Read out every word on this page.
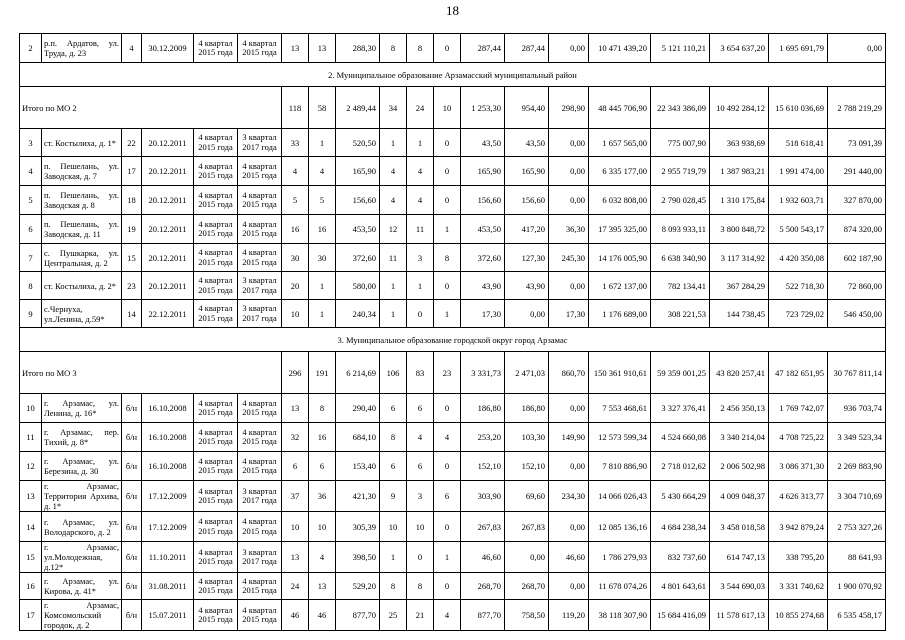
18
2	р.п. Ардатов, ул. Труда, д. 23	4	30.12.2009	4 квартал 2015 года	4 квартал 2015 года	13	13	288,30	8	8	0	287,44	287,44	0,00	10 471 439,20	5 121 110,21	3 654 637,20	1 695 691,79	0,00
2. Муниципальное образование Арзамасский муниципальный район																			
Итого по МО 2						118	58	2 489,44	34	24	10	1 253,30	954,40	298,90	48 445 706,90	22 343 386,09	10 492 284,12	15 610 036,69	2 788 219,29
3	ст. Костылиха, д. 1*	22	20.12.2011	4 квартал 2015 года	3 квартал 2017 года	33	1	520,50	1	1	0	43,50	43,50	0,00	1 657 565,00	775 007,90	363 938,69	518 618,41	73 091,39
4	п. Пешелань, ул. Заводская, д. 7	17	20.12.2011	4 квартал 2015 года	4 квартал 2015 года	4	4	165,90	4	4	0	165,90	165,90	0,00	6 335 177,00	2 955 719,79	1 387 983,21	1 991 474,00	291 440,00
5	п. Пешелань, ул. Заводская д. 8	18	20.12.2011	4 квартал 2015 года	4 квартал 2015 года	5	5	156,60	4	4	0	156,60	156,60	0,00	6 032 808,00	2 790 028,45	1 310 175,84	1 932 603,71	327 870,00
6	п. Пешелань, ул. Заводская, д. 11	19	20.12.2011	4 квартал 2015 года	4 квартал 2015 года	16	16	453,50	12	11	1	453,50	417,20	36,30	17 395 325,00	8 093 933,11	3 800 848,72	5 500 543,17	874 320,00
7	с. Пушкарка, ул. Центральная, д. 2	15	20.12.2011	4 квартал 2015 года	4 квартал 2015 года	30	30	372,60	11	3	8	372,60	127,30	245,30	14 176 005,90	6 638 340,90	3 117 314,92	4 420 350,08	602 187,90
8	ст. Костылиха, д. 2*	23	20.12.2011	4 квартал 2015 года	3 квартал 2017 года	20	1	580,00	1	1	0	43,90	43,90	0,00	1 672 137,00	782 134,41	367 284,29	522 718,30	72 860,00
9	с.Чернуха, ул.Ленина, д.59*	14	22.12.2011	4 квартал 2015 года	3 квартал 2017 года	10	1	240,34	1	0	1	17,30	0,00	17,30	1 176 689,00	308 221,53	144 738,45	723 729,02	546 450,00
3. Муниципальное образование городской округ город Арзамас																			
Итого по МО 3						296	191	6 214,69	106	83	23	3 331,73	2 471,03	860,70	150 361 910,61	59 359 001,25	43 820 257,41	47 182 651,95	30 767 811,14
10	г. Арзамас, ул. Ленина, д. 16*	б/н	16.10.2008	4 квартал 2015 года	4 квартал 2015 года	13	8	290,40	6	6	0	186,80	186,80	0,00	7 553 468,61	3 327 376,41	2 456 350,13	1 769 742,07	936 703,74
11	г. Арзамас, пер. Тихий, д. 8*	б/н	16.10.2008	4 квартал 2015 года	4 квартал 2015 года	32	16	684,10	8	4	4	253,20	103,30	149,90	12 573 599,34	4 524 660,08	3 340 214,04	4 708 725,22	3 349 523,34
12	г. Арзамас, ул. Березина, д. 30	б/н	16.10.2008	4 квартал 2015 года	4 квартал 2015 года	6	6	153,40	6	6	0	152,10	152,10	0,00	7 810 886,90	2 718 012,62	2 006 502,98	3 086 371,30	2 269 883,90
13	г. Арзамас, Территория Архива, д. 1*	б/н	17.12.2009	4 квартал 2015 года	3 квартал 2017 года	37	36	421,30	9	3	6	303,90	69,60	234,30	14 066 026,43	5 430 664,29	4 009 048,37	4 626 313,77	3 304 710,69
14	г. Арзамас, ул. Володарского, д. 2	б/н	17.12.2009	4 квартал 2015 года	4 квартал 2015 года	10	10	305,39	10	10	0	267,83	267,83	0,00	12 085 136,16	4 684 238,34	3 458 018,58	3 942 879,24	2 753 327,26
15	г. Арзамас, ул.Молодежная, д.12*	б/н	11.10.2011	4 квартал 2015 года	3 квартал 2017 года	13	4	398,50	1	0	1	46,60	0,00	46,60	1 786 279,93	832 737,60	614 747,13	338 795,20	88 641,93
16	г. Арзамас, ул. Кирова, д. 41*	б/н	31.08.2011	4 квартал 2015 года	4 квартал 2015 года	24	13	529,20	8	8	0	268,70	268,70	0,00	11 678 074,26	4 801 643,61	3 544 690,03	3 331 740,62	1 900 070,92
17	г. Арзамас, Комсомольский городок, д. 2	б/н	15.07.2011	4 квартал 2015 года	4 квартал 2015 года	46	46	877,70	25	21	4	877,70	758,50	119,20	38 118 307,90	15 684 416,09	11 578 617,13	10 855 274,68	6 535 458,17
